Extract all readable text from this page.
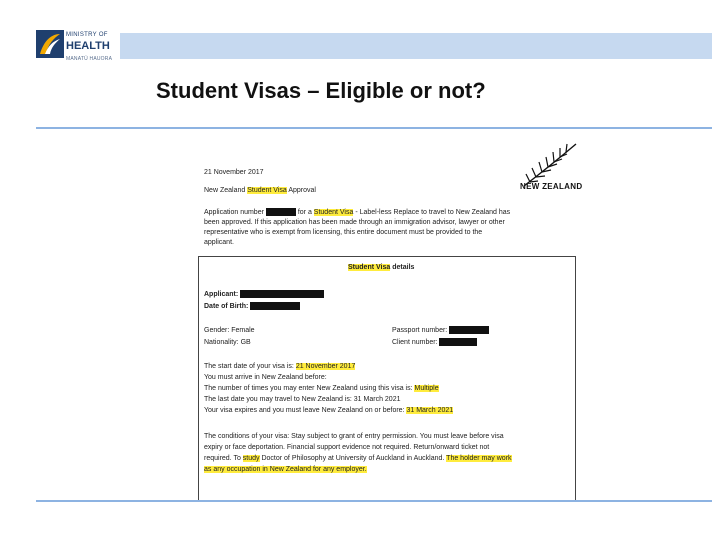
MINISTRY OF
HEALTH
MANATŪ HAUORA
Student Visas – Eligible or not?
21 November 2017
New Zealand Student Visa Approval	NEW ZEALAND
Application number	for a Student Visa - Label-less Replace to travel to New Zealand has
been approved. If this application has been made through an immigration advisor, lawyer or other
representative who is exempt from licensing, this entire document must be provided to the
applicant.
Student Visa details
Applicant:
Date of Birth:
Gender: Female	Passport number:
Nationality: GB	Client number:
The start date of your visa is: 21 November 2017
You must arrive in New Zealand before:
The number of times you may enter New Zealand using this visa is: Multiple
The last date you may travel to New Zealand is: 31 March 2021
Your visa expires and you must leave New Zealand on or before: 31 March 2021
The conditions of your visa: Stay subject to grant of entry permission. You must leave before visa
expiry or face deportation. Financial support evidence not required. Return/onward ticket not
required. To study Doctor of Philosophy at University of Auckland in Auckland. The holder may work
as any occupation in New Zealand for any employer.
